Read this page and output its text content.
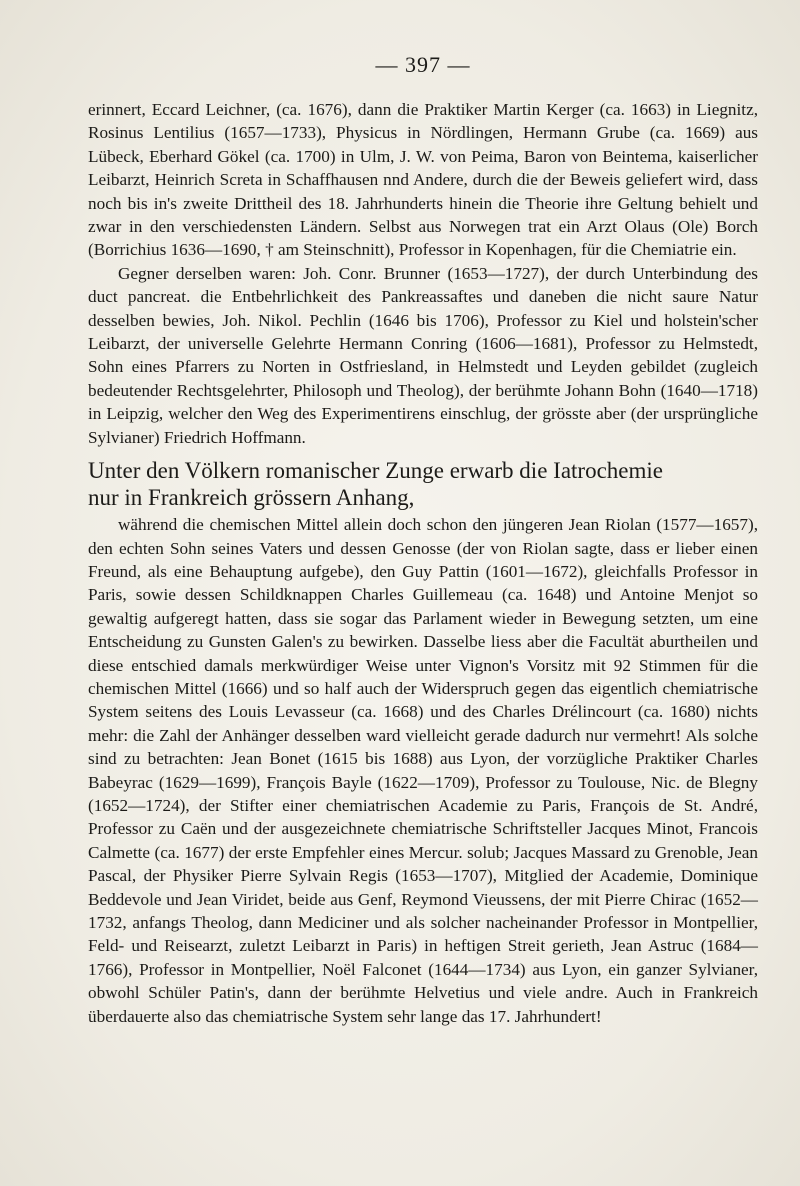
— 397 —

erinnert, Eccard Leichner, (ca. 1676), dann die Praktiker Martin Kerger (ca. 1663) in Liegnitz, Rosinus Lentilius (1657—1733), Physicus in Nördlingen, Hermann Grube (ca. 1669) aus Lübeck, Eberhard Gökel (ca. 1700) in Ulm, J. W. von Peima, Baron von Beintema, kaiserlicher Leibarzt, Heinrich Screta in Schaffhausen nnd Andere, durch die der Beweis geliefert wird, dass noch bis in's zweite Drittheil des 18. Jahrhunderts hinein die Theorie ihre Geltung behielt und zwar in den verschiedensten Ländern. Selbst aus Norwegen trat ein Arzt Olaus (Ole) Borch (Borrichius 1636—1690, † am Steinschnitt), Professor in Kopenhagen, für die Chemiatrie ein.

Gegner derselben waren: Joh. Conr. Brunner (1653—1727), der durch Unterbindung des duct pancreat. die Entbehrlichkeit des Pankreassaftes und daneben die nicht saure Natur desselben bewies, Joh. Nikol. Pechlin (1646 bis 1706), Professor zu Kiel und holstein'scher Leibarzt, der universelle Gelehrte Hermann Conring (1606—1681), Professor zu Helmstedt, Sohn eines Pfarrers zu Norten in Ostfriesland, in Helmstedt und Leyden gebildet (zugleich bedeutender Rechtsgelehrter, Philosoph und Theolog), der berühmte Johann Bohn (1640—1718) in Leipzig, welcher den Weg des Experimentirens einschlug, der grösste aber (der ursprüngliche Sylvianer) Friedrich Hoffmann.

Unter den Völkern romanischer Zunge erwarb die Iatrochemie
nur in Frankreich grössern Anhang,

während die chemischen Mittel allein doch schon den jüngeren Jean Riolan (1577—1657), den echten Sohn seines Vaters und dessen Genosse (der von Riolan sagte, dass er lieber einen Freund, als eine Behauptung aufgebe), den Guy Pattin (1601—1672), gleichfalls Professor in Paris, sowie dessen Schildknappen Charles Guillemeau (ca. 1648) und Antoine Menjot so gewaltig aufgeregt hatten, dass sie sogar das Parlament wieder in Bewegung setzten, um eine Entscheidung zu Gunsten Galen's zu bewirken. Dasselbe liess aber die Facultät aburtheilen und diese entschied damals merkwürdiger Weise unter Vignon's Vorsitz mit 92 Stimmen für die chemischen Mittel (1666) und so half auch der Widerspruch gegen das eigentlich chemiatrische System seitens des Louis Levasseur (ca. 1668) und des Charles Drélincourt (ca. 1680) nichts mehr: die Zahl der Anhänger desselben ward vielleicht gerade dadurch nur vermehrt! Als solche sind zu betrachten: Jean Bonet (1615 bis 1688) aus Lyon, der vorzügliche Praktiker Charles Babeyrac (1629—1699), François Bayle (1622—1709), Professor zu Toulouse, Nic. de Blegny (1652—1724), der Stifter einer chemiatrischen Academie zu Paris, François de St. André, Professor zu Caën und der ausgezeichnete chemiatrische Schriftsteller Jacques Minot, Francois Calmette (ca. 1677) der erste Empfehler eines Mercur. solub; Jacques Massard zu Grenoble, Jean Pascal, der Physiker Pierre Sylvain Regis (1653—1707), Mitglied der Academie, Dominique Beddevole und Jean Viridet, beide aus Genf, Reymond Vieussens, der mit Pierre Chirac (1652—1732, anfangs Theolog, dann Mediciner und als solcher nacheinander Professor in Montpellier, Feld- und Reisearzt, zuletzt Leibarzt in Paris) in heftigen Streit gerieth, Jean Astruc (1684—1766), Professor in Montpellier, Noël Falconet (1644—1734) aus Lyon, ein ganzer Sylvianer, obwohl Schüler Patin's, dann der berühmte Helvetius und viele andre. Auch in Frankreich überdauerte also das chemiatrische System sehr lange das 17. Jahrhundert!
